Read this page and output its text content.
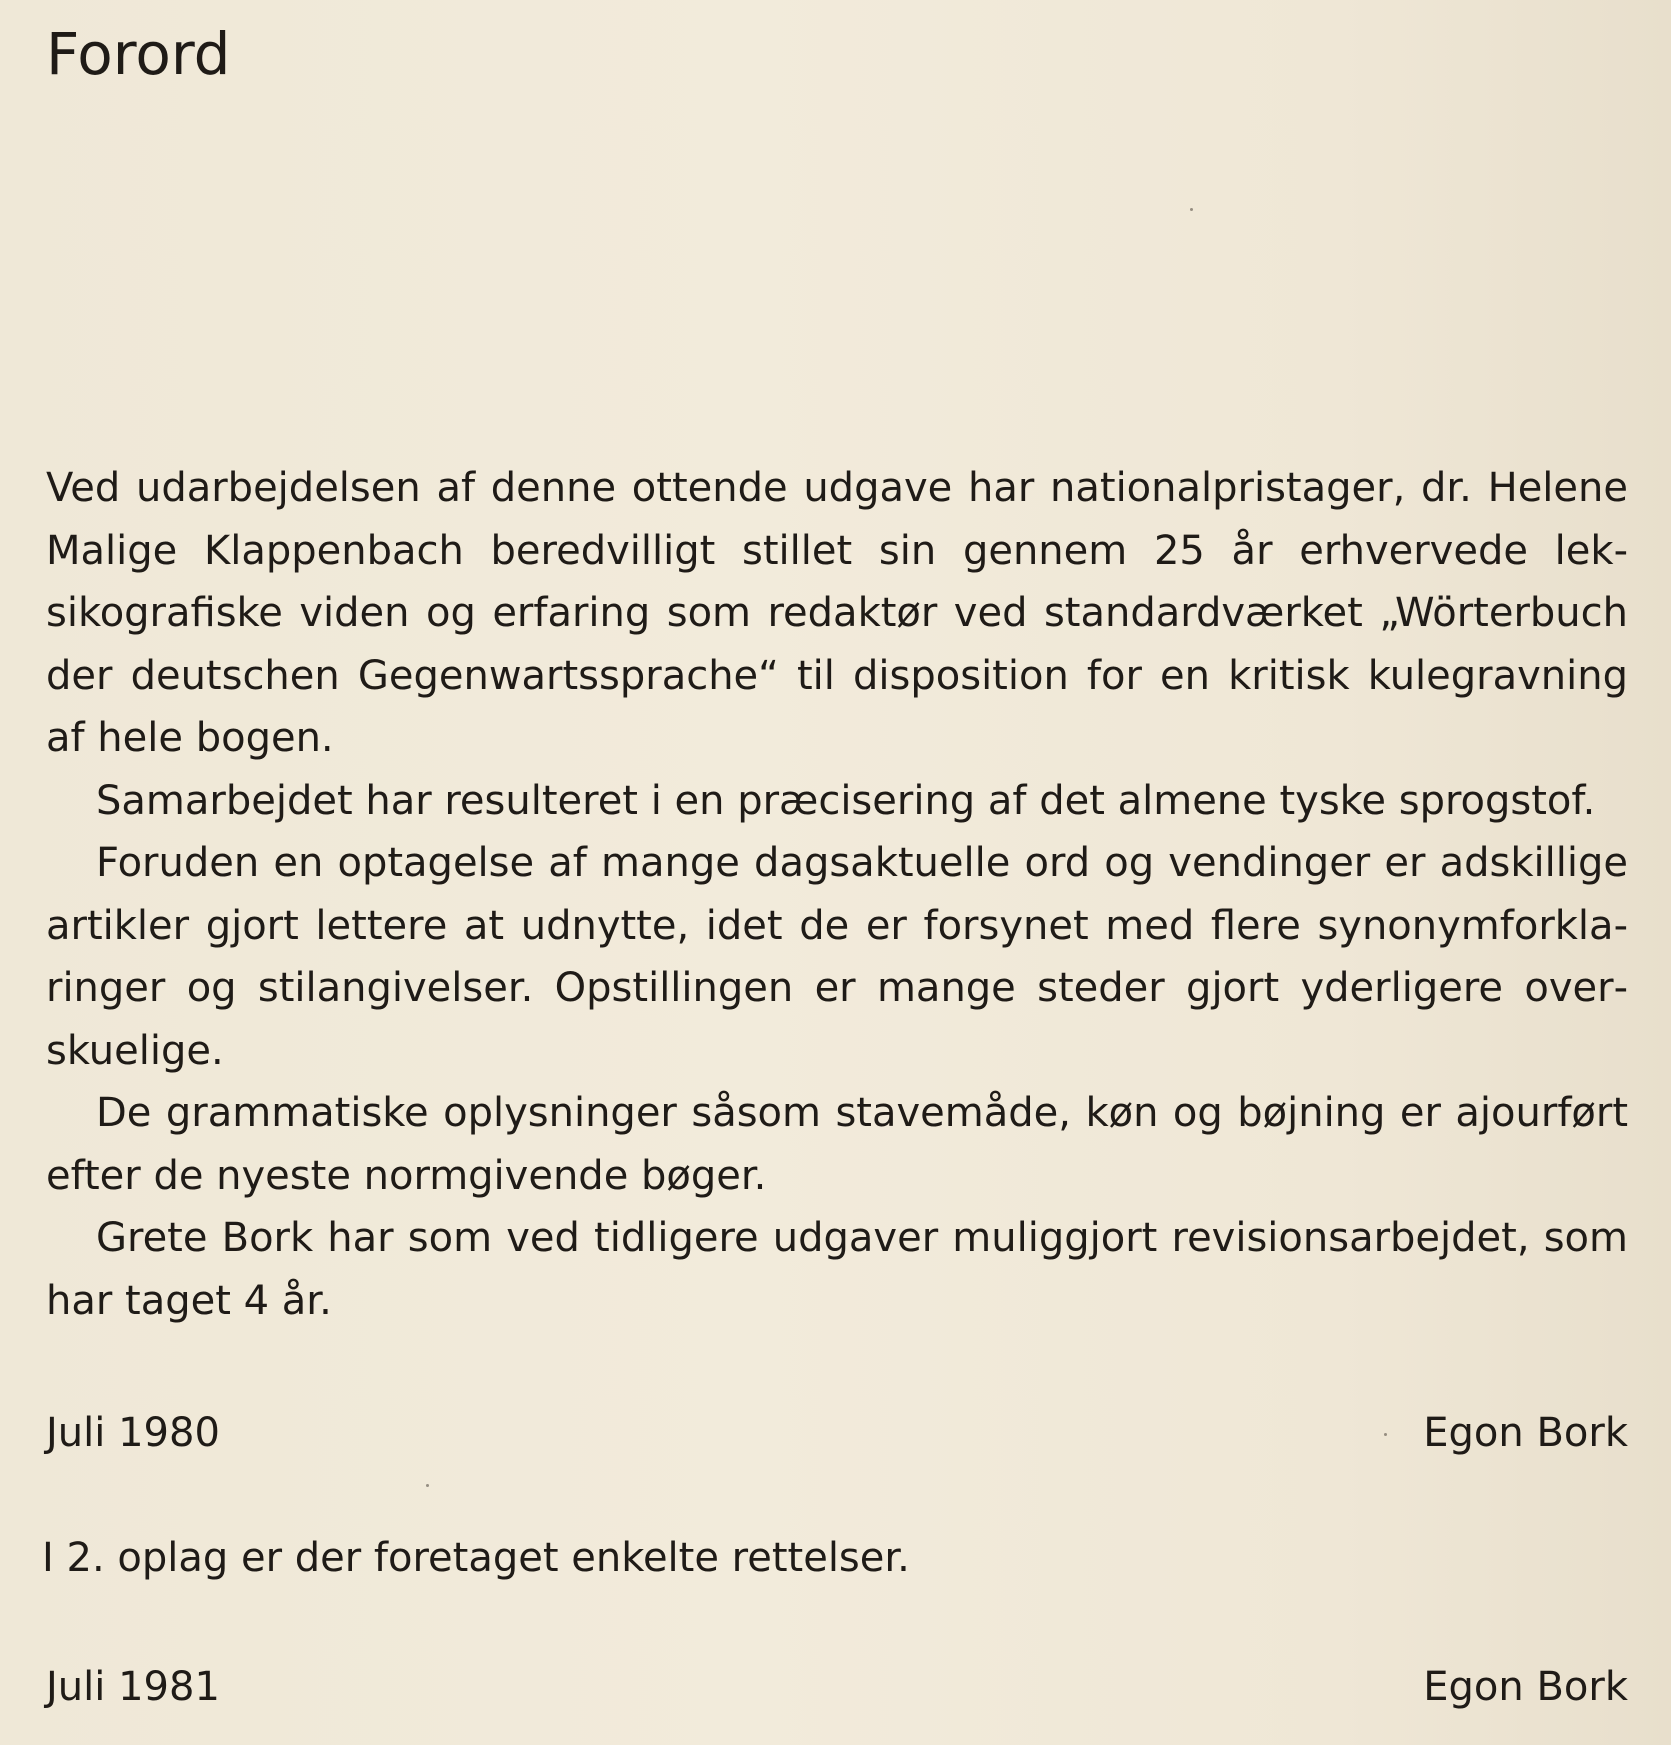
Forord

Ved udarbejdelsen af denne ottende udgave har nationalpristager, dr. Helene Malige Klappenbach beredvilligt stillet sin gennem 25 år erhvervede leksikografiske viden og erfaring som redaktør ved standardværket „Wörterbuch der deutschen Gegenwartssprache“ til disposition for en kritisk kulegravning af hele bogen.

Samarbejdet har resulteret i en præcisering af det almene tyske sprogstof.

Foruden en optagelse af mange dagsaktuelle ord og vendinger er adskillige artikler gjort lettere at udnytte, idet de er forsynet med flere synonymforklaringer og stilangivelser. Opstillingen er mange steder gjort yderligere overskuelige.

De grammatiske oplysninger såsom stavemåde, køn og bøjning er ajourført efter de nyeste normgivende bøger.

Grete Bork har som ved tidligere udgaver muliggjort revisionsarbejdet, som har taget 4 år.

Juli 1980	Egon Bork
I 2. oplag er der foretaget enkelte rettelser.
Juli 1981	Egon Bork
